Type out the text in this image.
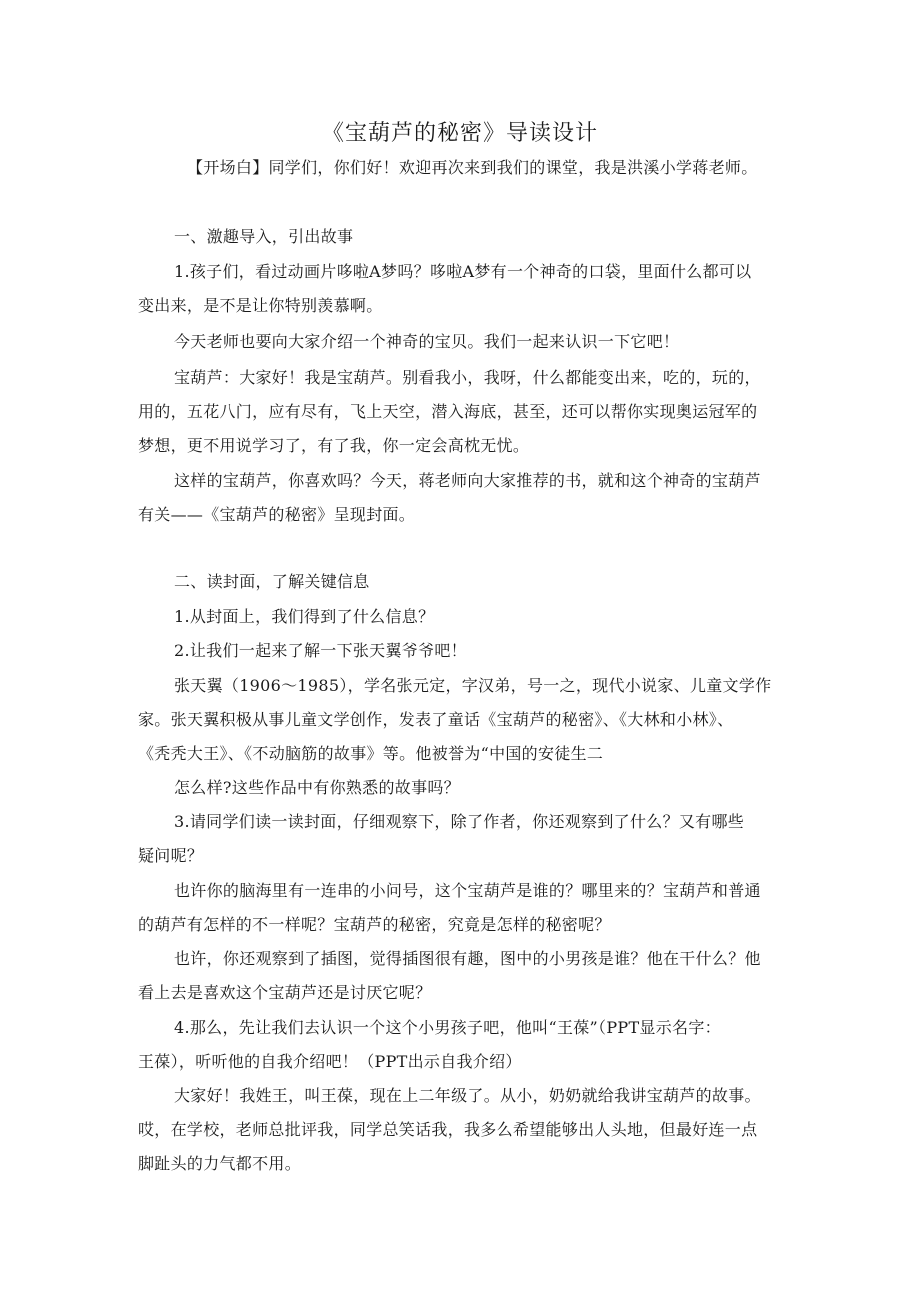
《宝葫芦的秘密》导读设计
【开场白】同学们，你们好！欢迎再次来到我们的课堂，我是洪溪小学蒋老师。
一、激趣导入，引出故事
1.孩子们，看过动画片哆啦A梦吗？哆啦A梦有一个神奇的口袋，里面什么都可以
变出来，是不是让你特别羡慕啊。
今天老师也要向大家介绍一个神奇的宝贝。我们一起来认识一下它吧！
宝葫芦：大家好！我是宝葫芦。别看我小，我呀，什么都能变出来，吃的，玩的，
用的，五花八门，应有尽有，飞上天空，潜入海底，甚至，还可以帮你实现奥运冠军的
梦想，更不用说学习了，有了我，你一定会高枕无忧。
这样的宝葫芦，你喜欢吗？今天，蒋老师向大家推荐的书，就和这个神奇的宝葫芦
有关——《宝葫芦的秘密》呈现封面。
二、读封面，了解关键信息
1.从封面上，我们得到了什么信息？
2.让我们一起来了解一下张天翼爷爷吧！
张天翼（1906～1985），学名张元定，字汉弟，号一之，现代小说家、儿童文学作
家。张天翼积极从事儿童文学创作，发表了童话《宝葫芦的秘密》、《大林和小林》、
《秃秃大王》、《不动脑筋的故事》等。他被誉为“中国的安徒生二
怎么样?这些作品中有你熟悉的故事吗？
3.请同学们读一读封面，仔细观察下，除了作者，你还观察到了什么？又有哪些
疑问呢？
也许你的脑海里有一连串的小问号，这个宝葫芦是谁的？哪里来的？宝葫芦和普通
的葫芦有怎样的不一样呢？宝葫芦的秘密，究竟是怎样的秘密呢？
也许，你还观察到了插图，觉得插图很有趣，图中的小男孩是谁？他在干什么？他
看上去是喜欢这个宝葫芦还是讨厌它呢？
4.那么，先让我们去认识一个这个小男孩子吧，他叫“王葆”（PPT显示名字：
王葆），听听他的自我介绍吧！（PPT出示自我介绍）
大家好！我姓王，叫王葆，现在上二年级了。从小，奶奶就给我讲宝葫芦的故事。
哎，在学校，老师总批评我，同学总笑话我，我多么希望能够出人头地，但最好连一点
脚趾头的力气都不用。
